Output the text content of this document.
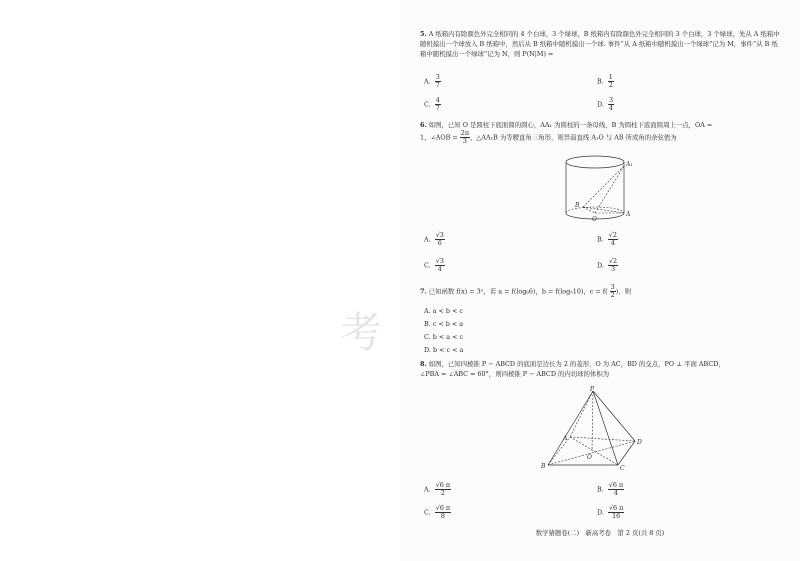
5. A 纸箱内有除颜色外完全相同的 4 个白球，3 个绿球，B 纸箱内有除颜色外完全相同的 3 个白球，3 个绿球，先从 A 纸箱中随机摸出一个球放入 B 纸箱中，然后从 B 纸箱中随机摸出一个球. 事件“从 A 纸箱中随机摸出一个绿球”记为 M，事件“从 B 纸箱中随机摸出一个绿球”记为 N，则 P(N|M) =
A. $\frac{3}{7}$	B. $\frac{1}{2}$
C. $\frac{4}{7}$	D. $\frac{3}{4}$
6. 如图，已知 O 是圆柱下底面圆的圆心，AA₁ 为圆柱的一条母线，B 为圆柱下底面圆周上一点，OA =
1，∠AOB = $\frac{2\pi}{3}$ ，△AA₁B 为等腰直角三角形，则异面直线 A₁O 与 AB 所成角的余弦值为
A₁
B
O
A
A. $\frac{√3}{6}$	B. $\frac{√2}{4}$
C. $\frac{√3}{4}$	D. $\frac{√2}{3}$
7. 已知函数 f(x) = 3ˣ，若 a = f(log₆6)，b = f(log₅10)，$c = f( \frac{3}{2}$ )，则
A. a < b < c
B. c < b < a
C. b < a < c
D. b < c < a
8. 如图，已知四棱锥 P − ABCD 的底面是边长为 2 的菱形，O 为 AC，BD 的交点，PO ⊥ 平面 ABCD，
∠PBA = ∠ABC = 60°，则四棱锥 P − ABCD 的内切球的体积为
P
A
B	C
D
O
A. $\frac{√6 \pi}{2}$	B. $\frac{√6 \pi}{4}$
C. $\frac{√6 \pi}{8}$	D. $\frac{√6 \pi}{16}$
数学猜题卷(二)　新高考卷　第 2 页(共 8 页)
考
